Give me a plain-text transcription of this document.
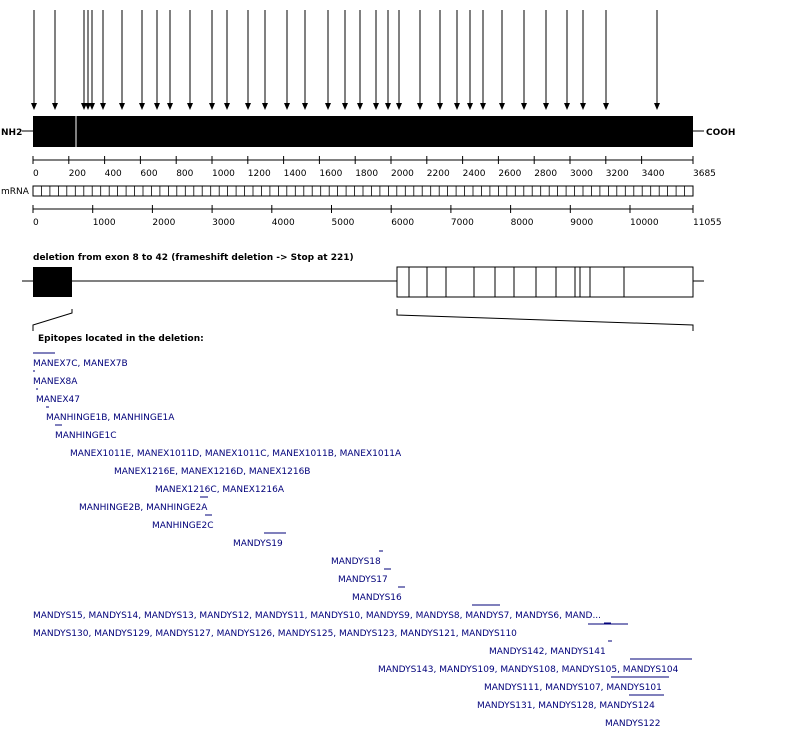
NH2	COOH
3685
0	200 400 600 800 1000 1200 1400 1600 1800 2000 2200 2400 2600 2800 3000 3200 3400
mRNA
11055
0	1000	2000	3000	4000	5000	6000	7000	8000	9000	10000
deletion from exon 8 to 42 (frameshift deletion -> Stop at 221)
Epitopes located in the deletion:
MANEX7C, MANEX7B
MANEX8A
MANEX47
MANHINGE1B, MANHINGE1A
MANHINGE1C
MANEX1011E, MANEX1011D, MANEX1011C, MANEX1011B, MANEX1011A
MANEX1216E, MANEX1216D, MANEX1216B
MANEX1216C, MANEX1216A
MANHINGE2B, MANHINGE2A
MANHINGE2C
MANDYS19
MANDYS18
MANDYS17
MANDYS16
MANDYS15, MANDYS14, MANDYS13, MANDYS12, MANDYS11, MANDYS10, MANDYS9, MANDYS8, MANDYS7, MANDYS6, MAND...
MANDYS130, MANDYS129, MANDYS127, MANDYS126, MANDYS125, MANDYS123, MANDYS121, MANDYS110
MANDYS142, MANDYS141
MANDYS143, MANDYS109, MANDYS108, MANDYS105, MANDYS104
MANDYS111, MANDYS107, MANDYS101
MANDYS131, MANDYS128, MANDYS124
MANDYS122
